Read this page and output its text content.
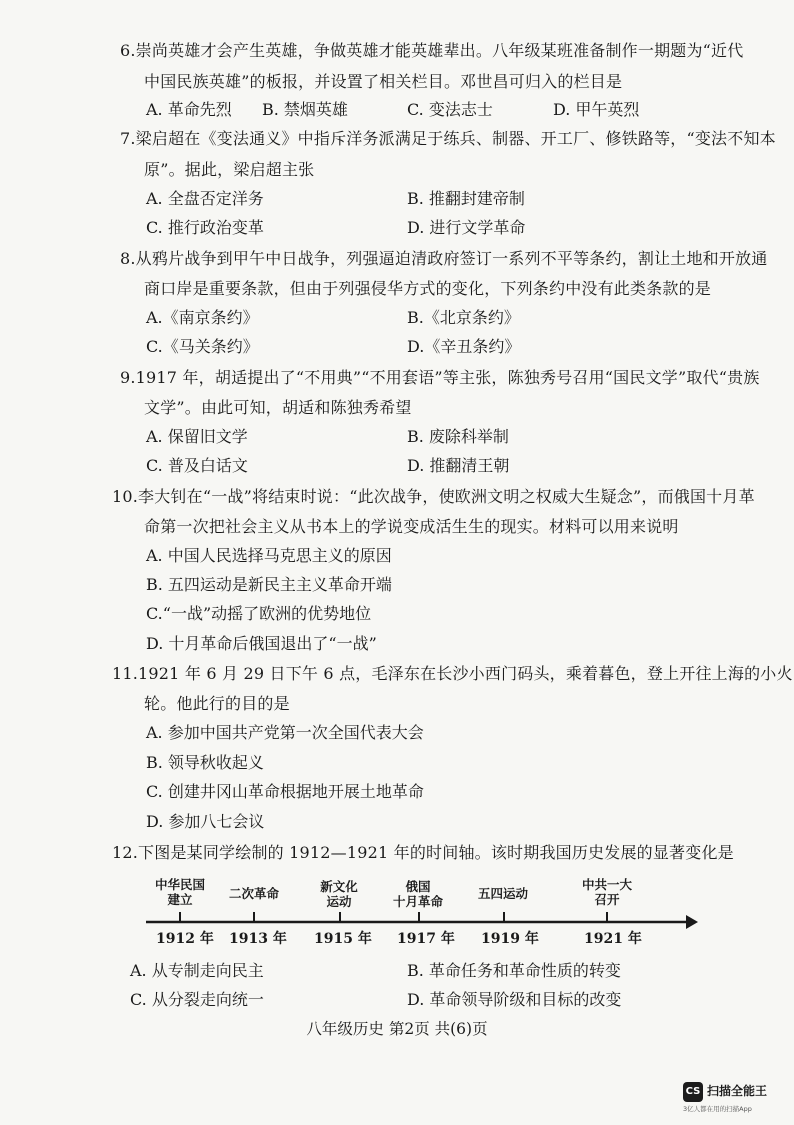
6.崇尚英雄才会产生英雄，争做英雄才能英雄辈出。八年级某班准备制作一期题为“近代
中国民族英雄”的板报，并设置了相关栏目。邓世昌可归入的栏目是
A. 革命先烈 B. 禁烟英雄	C. 变法志士	D. 甲午英烈
7.梁启超在《变法通义》中指斥洋务派满足于练兵、制器、开工厂、修铁路等，“变法不知本
原”。据此，梁启超主张
A. 全盘否定洋务	B. 推翻封建帝制
C. 推行政治变革	D. 进行文学革命
8.从鸦片战争到甲午中日战争，列强逼迫清政府签订一系列不平等条约，割让土地和开放通
商口岸是重要条款，但由于列强侵华方式的变化，下列条约中没有此类条款的是
A.《南京条约》	B.《北京条约》
C.《马关条约》	D.《辛丑条约》
9.1917 年，胡适提出了“不用典”“不用套语”等主张，陈独秀号召用“国民文学”取代“贵族
文学”。由此可知，胡适和陈独秀希望
A. 保留旧文学	B. 废除科举制
C. 普及白话文	D. 推翻清王朝
10.李大钊在“一战”将结束时说：“此次战争，使欧洲文明之权威大生疑念”，而俄国十月革
命第一次把社会主义从书本上的学说变成活生生的现实。材料可以用来说明
A. 中国人民选择马克思主义的原因
B. 五四运动是新民主主义革命开端
C.“一战”动摇了欧洲的优势地位
D. 十月革命后俄国退出了“一战”
11.1921 年 6 月 29 日下午 6 点，毛泽东在长沙小西门码头，乘着暮色，登上开往上海的小火
轮。他此行的目的是
A. 参加中国共产党第一次全国代表大会
B. 领导秋收起义
C. 创建井冈山革命根据地开展土地革命
D. 参加八七会议
12.下图是某同学绘制的 1912—1921 年的时间轴。该时期我国历史发展的显著变化是
中华民国
建立	二次革命	新文化
运动
俄国
十月革命
五四运动

中共一大
召开
1912 年 1913 年 1915 年 1917 年 1919 年	1921 年
A. 从专制走向民主	B. 革命任务和革命性质的转变
C. 从分裂走向统一	D. 革命领导阶级和目标的改变
八年级历史 第2页 共(6)页
CS 扫描全能王
3亿人都在用的扫描App
